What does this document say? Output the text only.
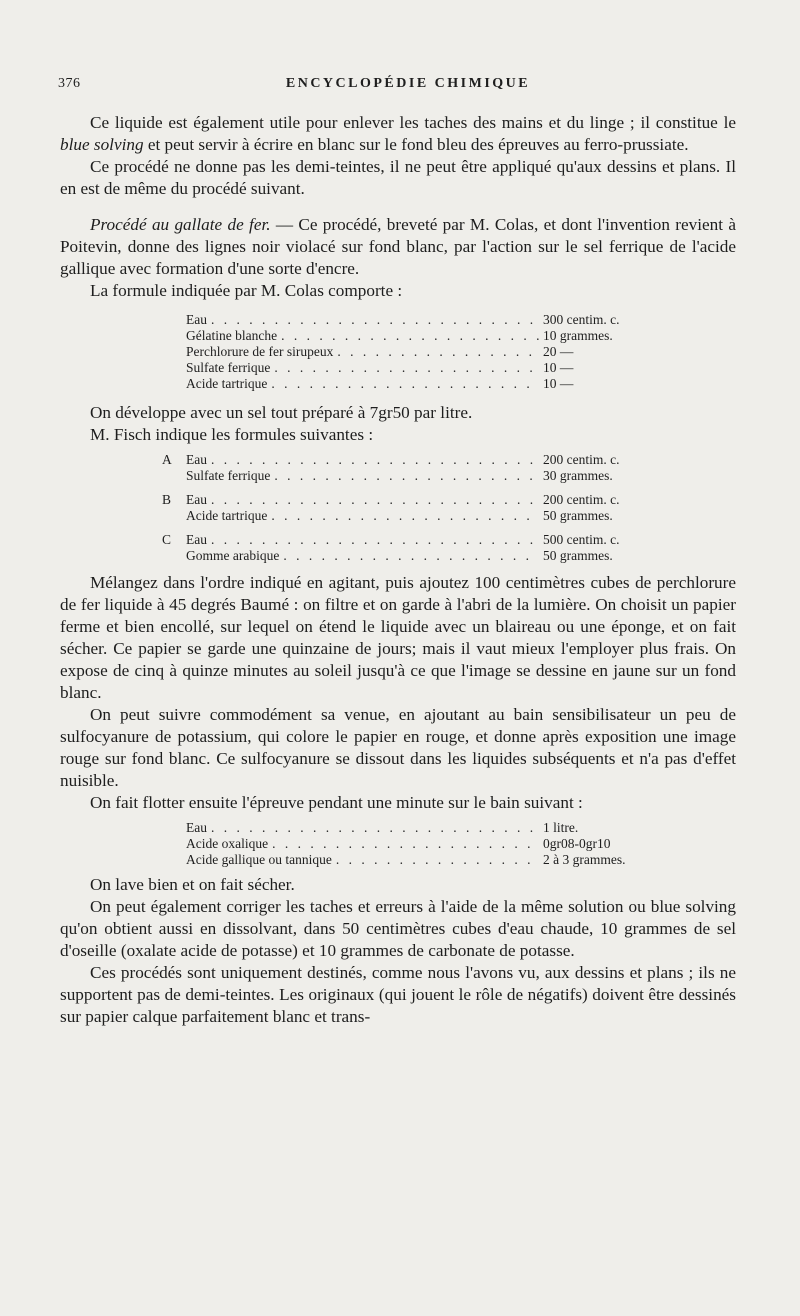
376	ENCYCLOPÉDIE CHIMIQUE

Ce liquide est également utile pour enlever les taches des mains et du linge ; il constitue le blue solving et peut servir à écrire en blanc sur le fond bleu des épreuves au ferro-prussiate.

Ce procédé ne donne pas les demi-teintes, il ne peut être appliqué qu'aux dessins et plans. Il en est de même du procédé suivant.

Procédé au gallate de fer. — Ce procédé, breveté par M. Colas, et dont l'invention revient à Poitevin, donne des lignes noir violacé sur fond blanc, par l'action sur le sel ferrique de l'acide gallique avec formation d'une sorte d'encre.

La formule indiquée par M. Colas comporte :

Eau . . .	300 centim. c.
Gélatine blanche . . .	10 grammes.
Perchlorure de fer sirupeux . . .	20 —
Sulfate ferrique . . .	10 —
Acide tartrique . . .	10 —

On développe avec un sel tout préparé à 7gr50 par litre.

M. Fisch indique les formules suivantes :

A Eau . . .	200 centim. c.
Sulfate ferrique . . .	30 grammes.
B Eau . . .	200 centim. c.
Acide tartrique . . .	50 grammes.
C Eau . . .	500 centim. c.
Gomme arabique . . .	50 grammes.

Mélangez dans l'ordre indiqué en agitant, puis ajoutez 100 centimètres cubes de perchlorure de fer liquide à 45 degrés Baumé : on filtre et on garde à l'abri de la lumière. On choisit un papier ferme et bien encollé, sur lequel on étend le liquide avec un blaireau ou une éponge, et on fait sécher. Ce papier se garde une quinzaine de jours; mais il vaut mieux l'employer plus frais. On expose de cinq à quinze minutes au soleil jusqu'à ce que l'image se dessine en jaune sur un fond blanc.

On peut suivre commodément sa venue, en ajoutant au bain sensibilisateur un peu de sulfocyanure de potassium, qui colore le papier en rouge, et donne après exposition une image rouge sur fond blanc. Ce sulfocyanure se dissout dans les liquides subséquents et n'a pas d'effet nuisible.

On fait flotter ensuite l'épreuve pendant une minute sur le bain suivant :

Eau . . .	1 litre.
Acide oxalique . . .	0gr08-0gr10
Acide gallique ou tannique . . .	2 à 3 grammes.

On lave bien et on fait sécher.

On peut également corriger les taches et erreurs à l'aide de la même solution ou blue solving qu'on obtient aussi en dissolvant, dans 50 centimètres cubes d'eau chaude, 10 grammes de sel d'oseille (oxalate acide de potasse) et 10 grammes de carbonate de potasse.

Ces procédés sont uniquement destinés, comme nous l'avons vu, aux dessins et plans ; ils ne supportent pas de demi-teintes. Les originaux (qui jouent le rôle de négatifs) doivent être dessinés sur papier calque parfaitement blanc et trans-
